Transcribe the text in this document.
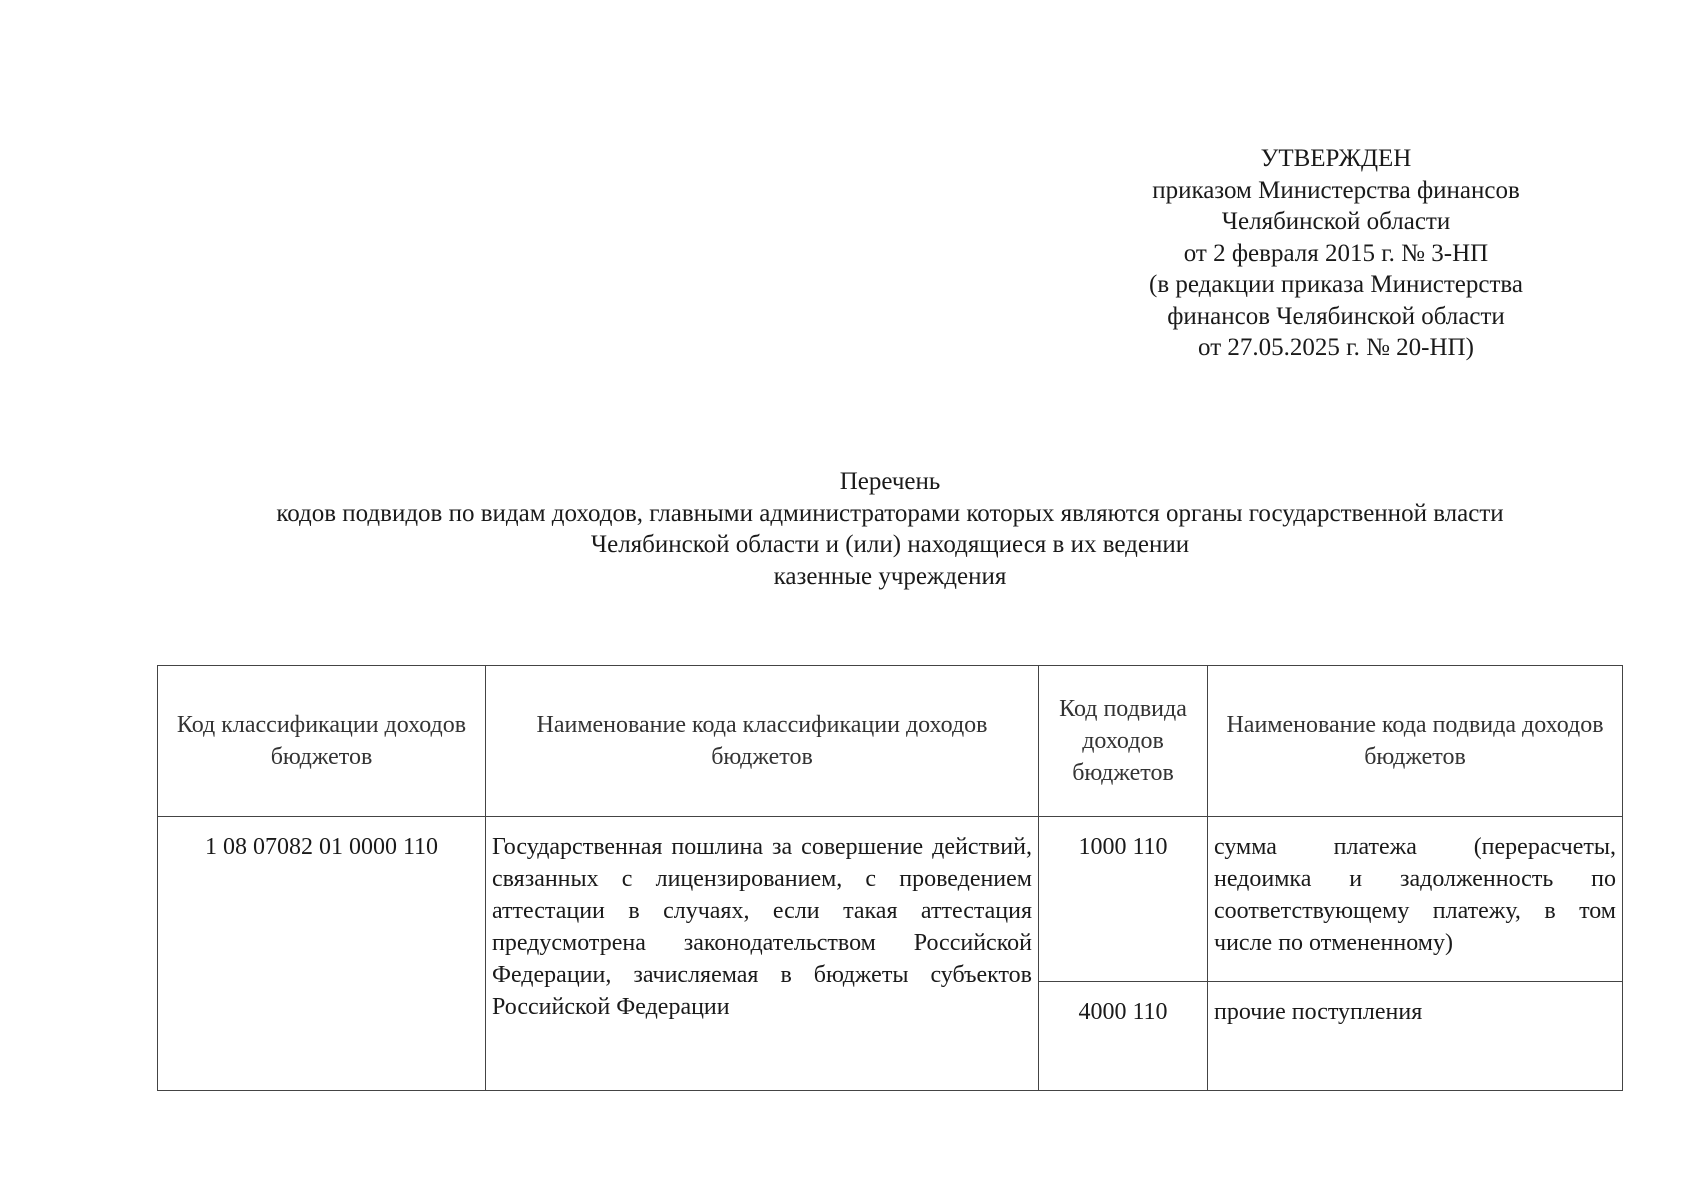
УТВЕРЖДЕН
приказом Министерства финансов
Челябинской области
от 2 февраля 2015 г. № 3-НП
(в редакции приказа Министерства
финансов Челябинской области
от 27.05.2025 г. № 20-НП)
Перечень
кодов подвидов по видам доходов, главными администраторами которых являются органы государственной власти
Челябинской области и (или) находящиеся в их ведении
казенные учреждения
Код классификации доходов бюджетов	Наименование кода классификации доходов бюджетов	Код подвида доходов бюджетов	Наименование кода подвида доходов бюджетов
1 08 07082 01 0000 110	Государственная пошлина за совершение действий, связанных с лицензированием, с проведением аттестации в случаях, если такая аттестация предусмотрена законодательством Российской Федерации, зачисляемая в бюджеты субъектов Российской Федерации	1000 110	сумма платежа (перерасчеты, недоимка и задолженность по соответствующему платежу, в том числе по отмененному)
		4000 110	прочие поступления
